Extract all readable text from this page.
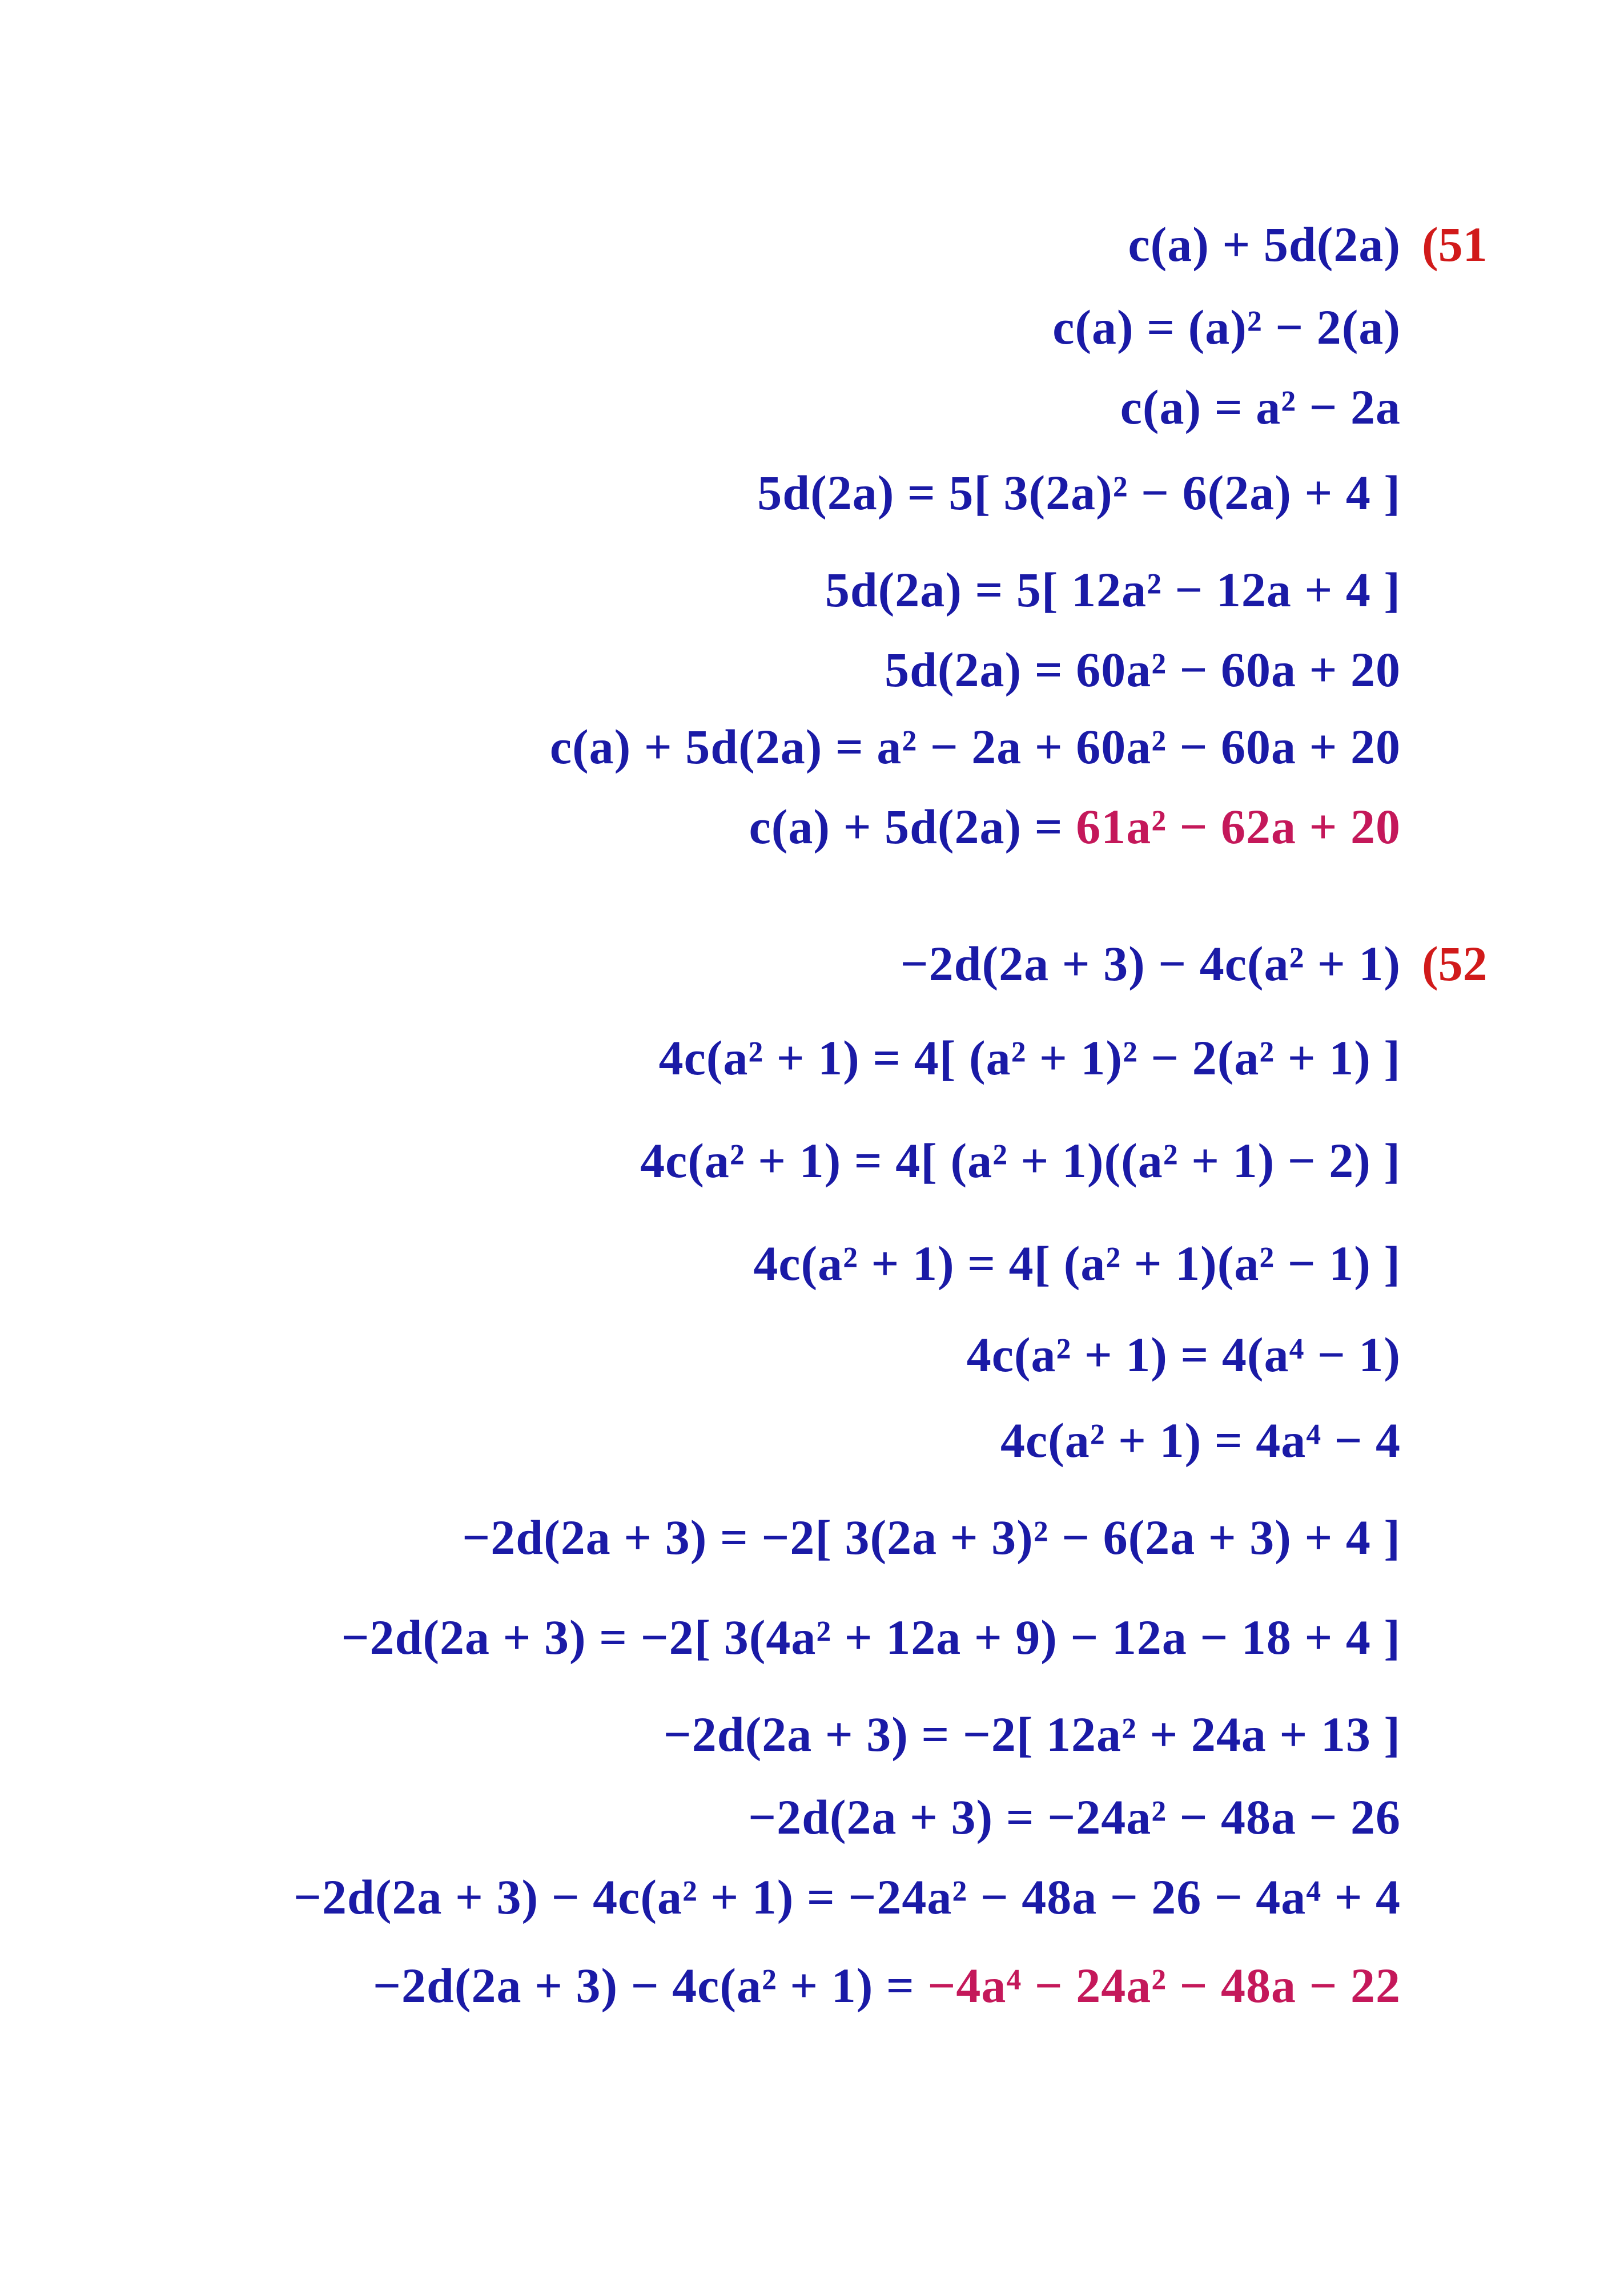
(51

c(a) + 5d(2a)

c(a) = (a)² − 2(a)

c(a) = a² − 2a

5d(2a) = 5[ 3(2a)² − 6(2a) + 4 ]

5d(2a) = 5[ 12a² − 12a + 4 ]

5d(2a) = 60a² − 60a + 20

c(a) + 5d(2a) = a² − 2a + 60a² − 60a + 20

c(a) + 5d(2a) = 61a² − 62a + 20

(52

−2d(2a + 3) − 4c(a² + 1)

4c(a² + 1) = 4[ (a² + 1)² − 2(a² + 1) ]

4c(a² + 1) = 4[ (a² + 1)((a² + 1) − 2) ]

4c(a² + 1) = 4[ (a² + 1)(a² − 1) ]

4c(a² + 1) = 4(a⁴ − 1)

4c(a² + 1) = 4a⁴ − 4

−2d(2a + 3) = −2[ 3(2a + 3)² − 6(2a + 3) + 4 ]

−2d(2a + 3) = −2[ 3(4a² + 12a + 9) − 12a − 18 + 4 ]

−2d(2a + 3) = −2[ 12a² + 24a + 13 ]

−2d(2a + 3) = −24a² − 48a − 26

−2d(2a + 3) − 4c(a² + 1) = −24a² − 48a − 26 − 4a⁴ + 4

−2d(2a + 3) − 4c(a² + 1) = −4a⁴ − 24a² − 48a − 22
